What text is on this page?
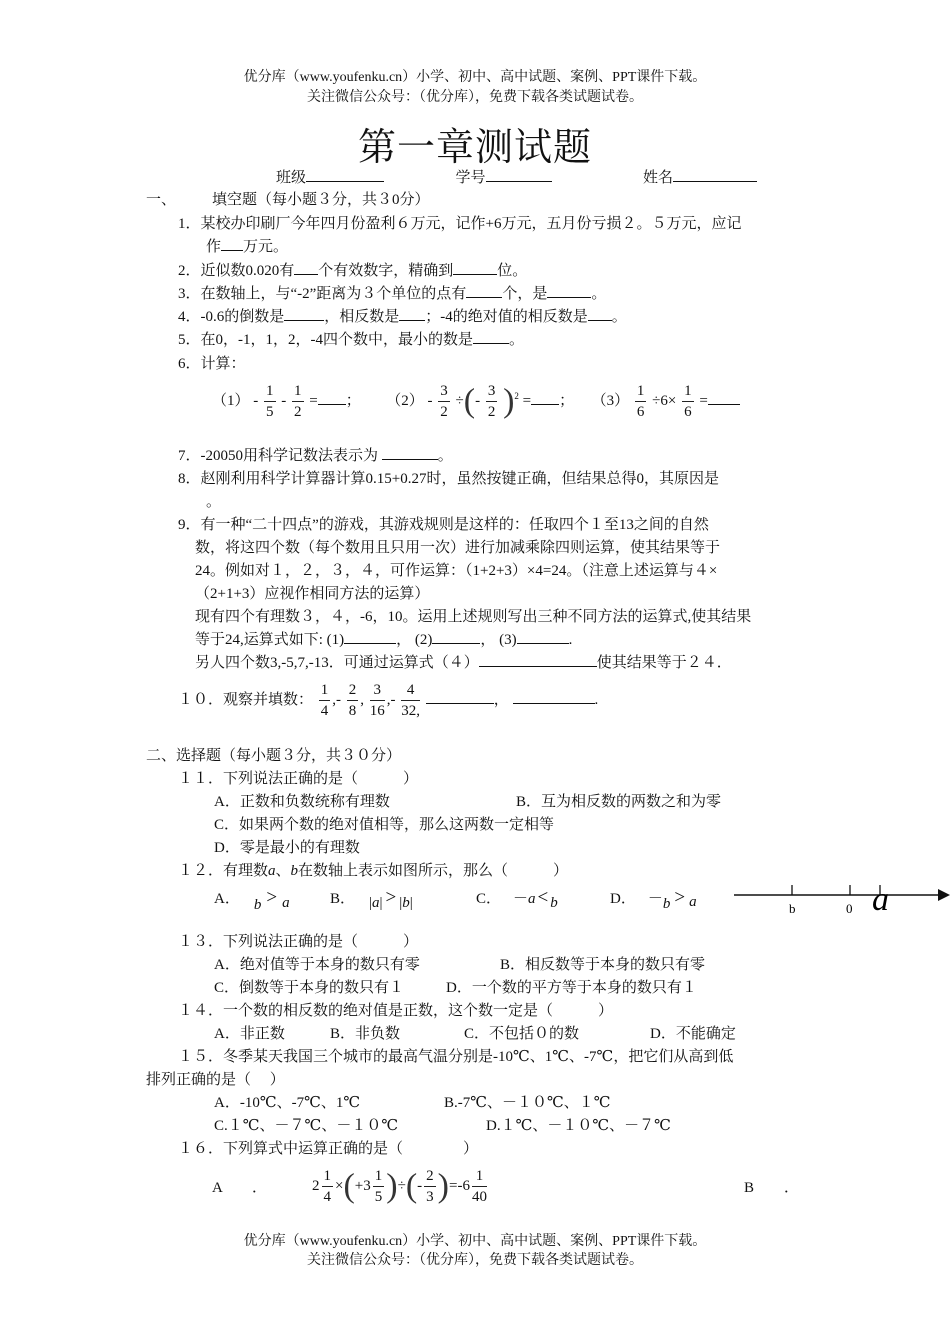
优分库（www.youfenku.cn）小学、初中、高中试题、案例、PPT课件下载。
关注微信公众号：（优分库），免费下载各类试题试卷。
第一章测试题
班级	学号	姓名
一、 填空题（每小题３分，共３0分）
1．某校办印刷厂今年四月份盈利６万元，记作+6万元，五月份亏损２。５万元，应记
作 万元。
2．近似数0.020有 个有效数字，精确到	位。
3．在数轴上，与“-2”距离为３个单位的点有 个，是	。
4．-0.6的倒数是	，相反数是 ；-4的绝对值的相反数是 。
5．在0，-1，1，2，-4四个数中，最小的数是 。
6．计算：
$(1) - \frac{1}{5} - \frac{1}{2}$ = ； $(2) - \frac{3}{2}$ ÷(- $\frac{3}{2} )^2$ = ； $(3) \frac{1}{6} \div 6\times \frac{1}{6}$ =
7．-20050用科学记数法表示为	。
8．赵刚利用科学计算器计算0.15+0.27时，虽然按键正确，但结果总得0，其原因是
。
9．有一种“二十四点”的游戏，其游戏规则是这样的：任取四个１至13之间的自然
数，将这四个数（每个数用且只用一次）进行加减乘除四则运算，使其结果等于
24。例如对１，２，３，４，可作运算：（1+2+3）×4=24。（注意上述运算与４×
（2+1+3）应视作相同方法的运算）
现有四个有理数３，４，-6，10。运用上述规则写出三种不同方法的运算式,使其结果
等于24,运算式如下: (1)	， (2)	， (3)	.
另人四个数3,-5,7,-13．可通过运算式（４）	使其结果等于２４．
１０．观察并填数： $\frac{1}{4}$ ,- $\frac{2}{8}$ , $\frac{3}{16}$ ,- $\frac{4}{32,}$	，	.
二、选择题（每小题３分，共３０分）
１１．下列说法正确的是（　　　）
A．正数和负数统称有理数	B．互为相反数的两数之和为零
C．如果两个数的绝对值相等，那么这两数一定相等
D．零是最小的有理数
１２．有理数a、b在数轴上表示如图所示，那么（　　　）
A． b > a	B． |a| > |b|	C． －a < b	D． －b > a	b	0 a
１３．下列说法正确的是（　　　）
A．绝对值等于本身的数只有零	B．相反数等于本身的数只有零
C．倒数等于本身的数只有１	D．一个数的平方等于本身的数只有１
１４．一个数的相反数的绝对值是正数，这个数一定是（　　　）
A．非正数	B．非负数	C．不包括０的数	D．不能确定
１５．冬季某天我国三个城市的最高气温分别是-10℃、1℃、-7℃，把它们从高到低
排列正确的是（　 ）
A．-10℃、-7℃、1℃	B.-7℃、－１０℃、１℃
C.１℃、－７℃、－１０℃	D.１℃、－１０℃、－７℃
１６．下列算式中运算正确的是（　　　　）
A　　．	$2 \frac{1}{4} \times(+3 \frac{1}{5}$ )÷(- $\frac{2}{3} )=-6 \frac{1}{40}$	B　　．
优分库（www.youfenku.cn）小学、初中、高中试题、案例、PPT课件下载。
关注微信公众号：（优分库），免费下载各类试题试卷。
